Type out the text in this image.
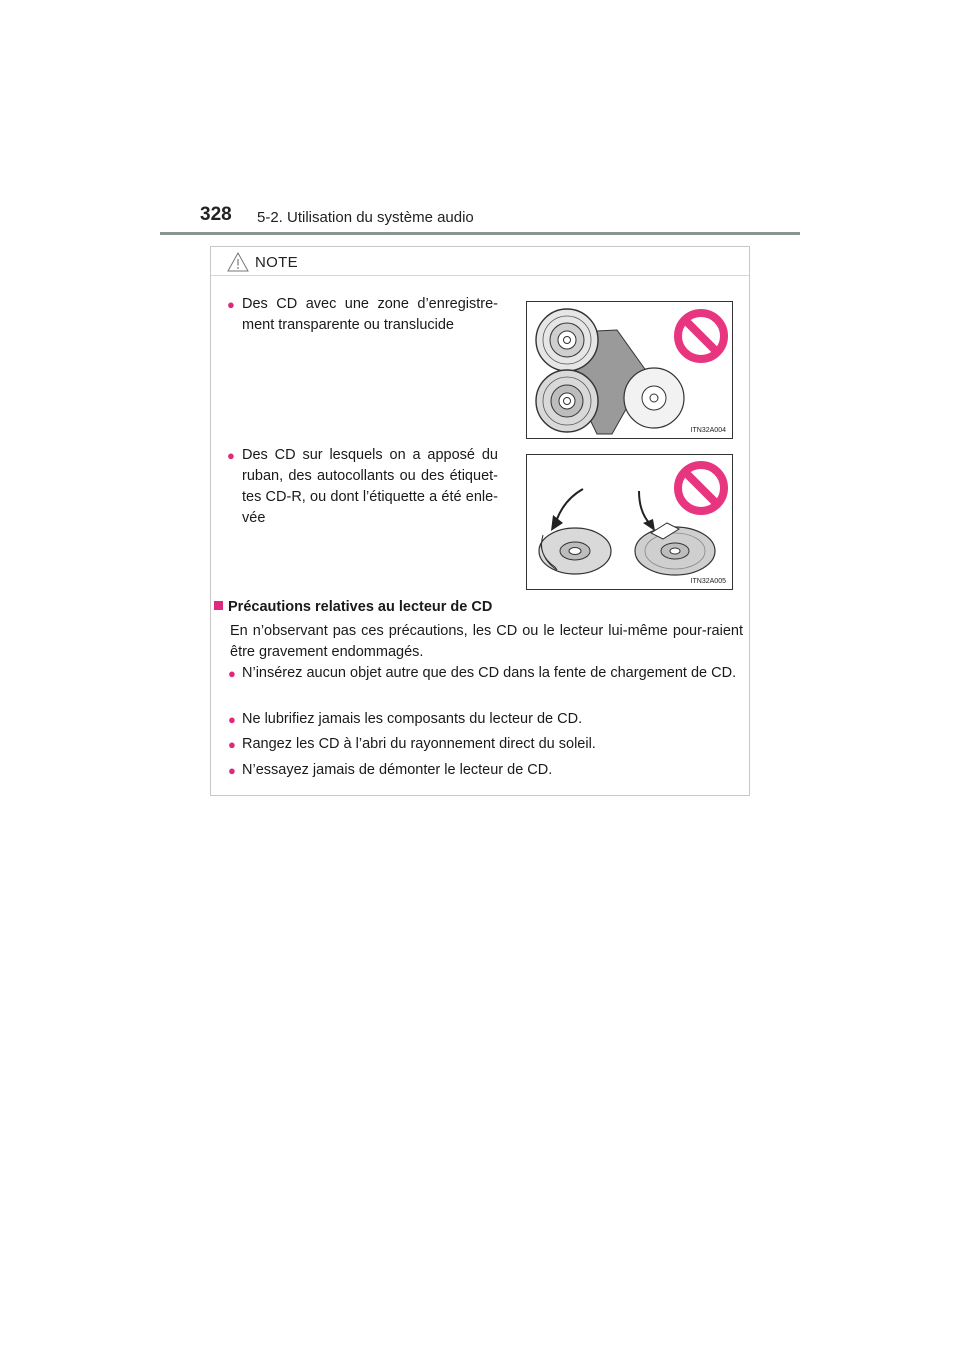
328 5-2. Utilisation du système audio
NOTE
● Des CD avec une zone d’enregistre-ment transparente ou translucide
ITN32A004
● Des CD sur lesquels on a apposé du ruban, des autocollants ou des étiquet-tes CD-R, ou dont l’étiquette a été enle-vée
ITN32A005
Précautions relatives au lecteur de CD
En n’observant pas ces précautions, les CD ou le lecteur lui-même pour-raient être gravement endommagés.
● N’insérez aucun objet autre que des CD dans la fente de chargement de CD.
● Ne lubrifiez jamais les composants du lecteur de CD.
● Rangez les CD à l’abri du rayonnement direct du soleil.
● N’essayez jamais de démonter le lecteur de CD.
